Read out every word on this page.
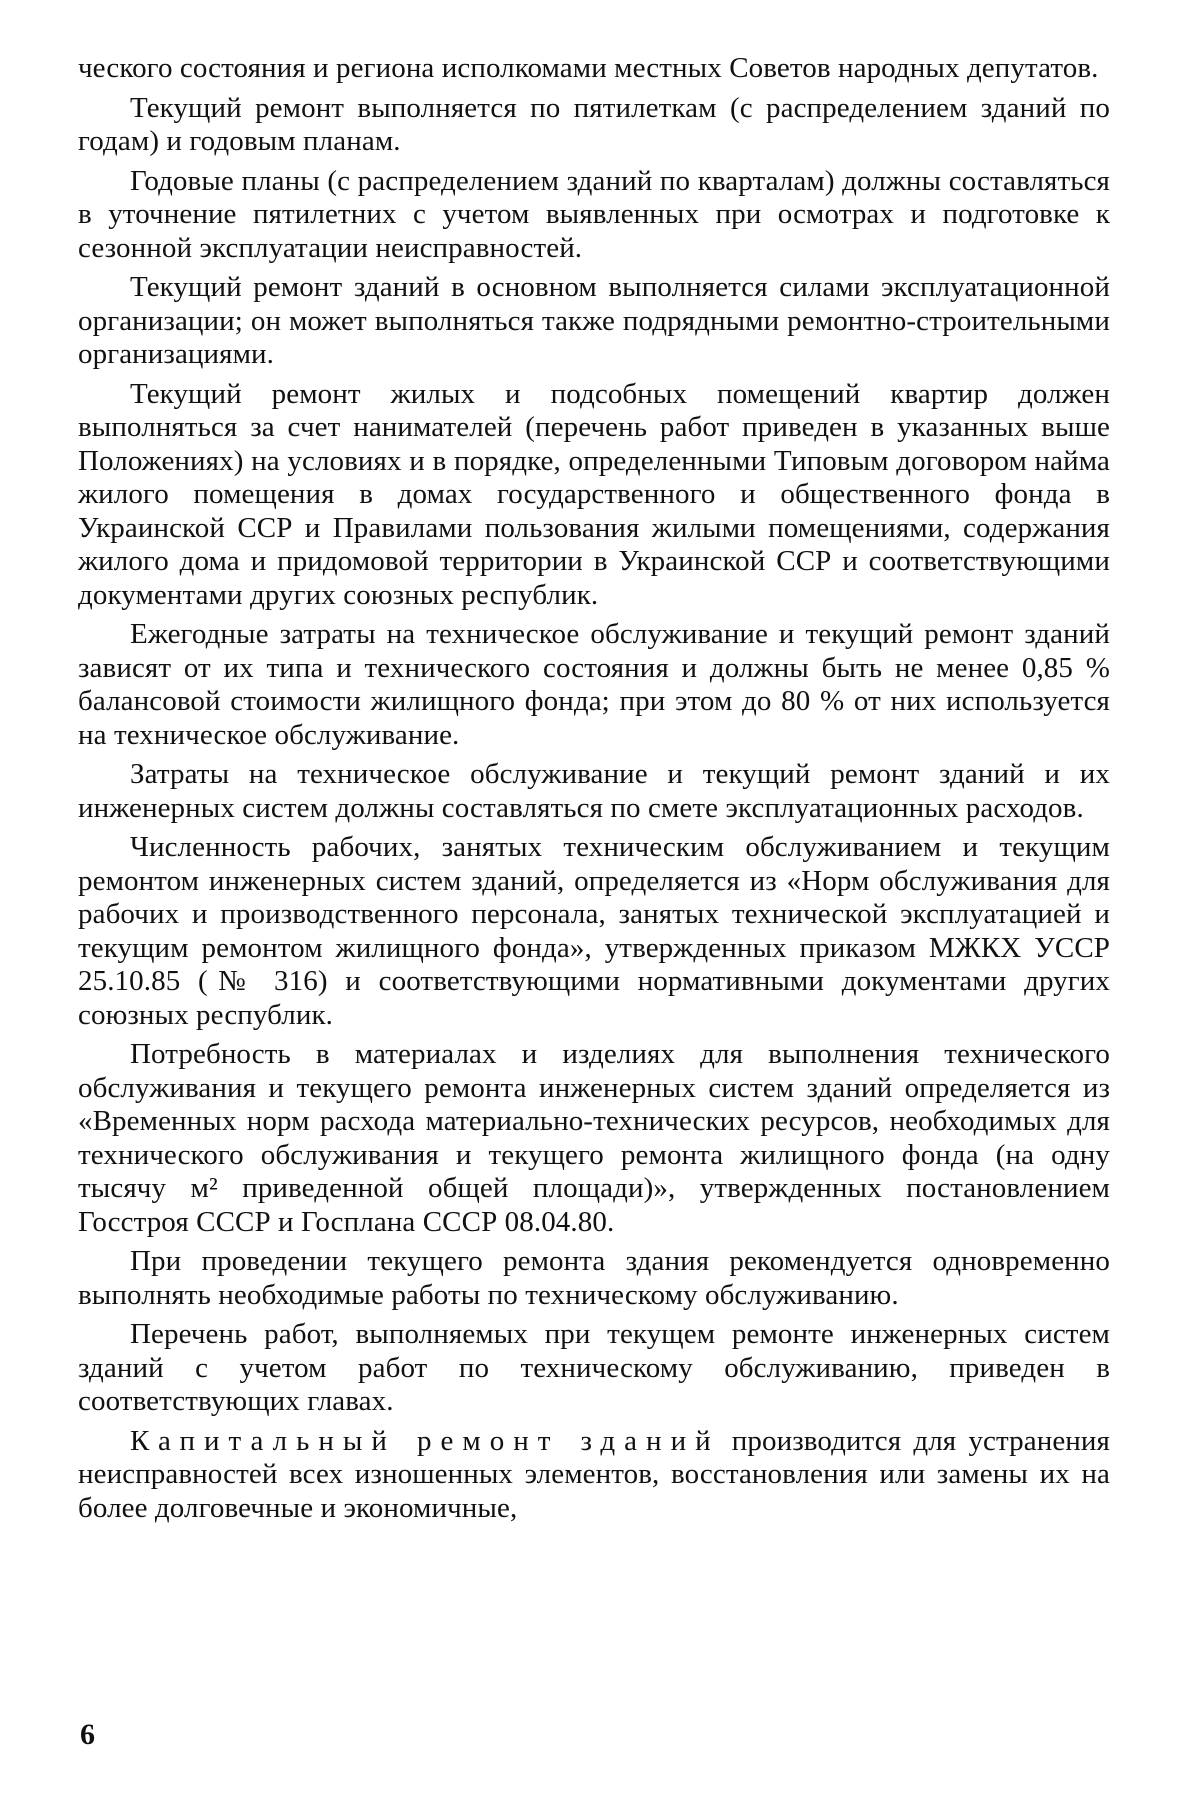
ческого состояния и региона исполкомами местных Советов народных депутатов.

Текущий ремонт выполняется по пятилеткам (с распределением зданий по годам) и годовым планам.

Годовые планы (с распределением зданий по кварталам) должны составляться в уточнение пятилетних с учетом выявленных при осмотрах и подготовке к сезонной эксплуатации неисправностей.

Текущий ремонт зданий в основном выполняется силами эксплуатационной организации; он может выполняться также подрядными ремонтно-строительными организациями.

Текущий ремонт жилых и подсобных помещений квартир должен выполняться за счет нанимателей (перечень работ приведен в указанных выше Положениях) на условиях и в порядке, определенными Типовым договором найма жилого помещения в домах государственного и общественного фонда в Украинской ССР и Правилами пользования жилыми помещениями, содержания жилого дома и придомовой территории в Украинской ССР и соответствующими документами других союзных республик.

Ежегодные затраты на техническое обслуживание и текущий ремонт зданий зависят от их типа и технического состояния и должны быть не менее 0,85 % балансовой стоимости жилищного фонда; при этом до 80 % от них используется на техническое обслуживание.

Затраты на техническое обслуживание и текущий ремонт зданий и их инженерных систем должны составляться по смете эксплуатационных расходов.

Численность рабочих, занятых техническим обслуживанием и текущим ремонтом инженерных систем зданий, определяется из «Норм обслуживания для рабочих и производственного персонала, занятых технической эксплуатацией и текущим ремонтом жилищного фонда», утвержденных приказом МЖКХ УССР 25.10.85 (№ 316) и соответствующими нормативными документами других союзных республик.

Потребность в материалах и изделиях для выполнения технического обслуживания и текущего ремонта инженерных систем зданий определяется из «Временных норм расхода материально-технических ресурсов, необходимых для технического обслуживания и текущего ремонта жилищного фонда (на одну тысячу м² приведенной общей площади)», утвержденных постановлением Госстроя СССР и Госплана СССР 08.04.80.

При проведении текущего ремонта здания рекомендуется одновременно выполнять необходимые работы по техническому обслуживанию.

Перечень работ, выполняемых при текущем ремонте инженерных систем зданий с учетом работ по техническому обслуживанию, приведен в соответствующих главах.

Капитальный ремонт зданий производится для устранения неисправностей всех изношенных элементов, восстановления или замены их на более долговечные и экономичные,

6
